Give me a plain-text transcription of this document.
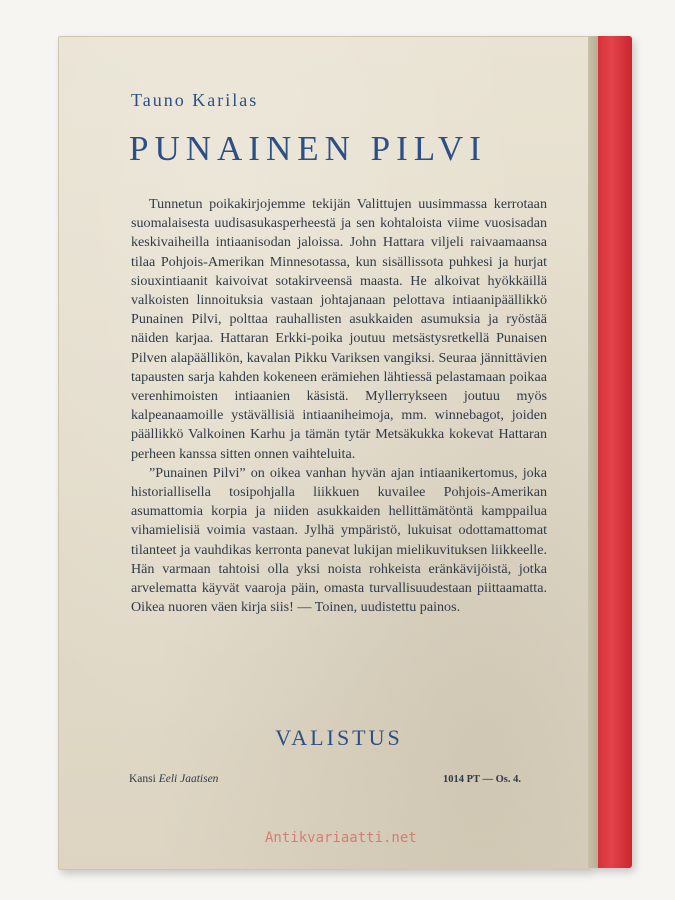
Tauno Karilas
PUNAINEN PILVI

Tunnetun poikakirjojemme tekijän Valittujen uusimmassa kerrotaan suomalaisesta uudisasukasperheestä ja sen kohtaloista viime vuosisadan keskivaiheilla intiaanisodan jaloissa. John Hattara viljeli raivaamaansa tilaa Pohjois-Amerikan Minnesotassa, kun sisällissota puhkesi ja hurjat siouxintiaanit kaivoivat sotakirveensä maasta. He alkoivat hyökkäillä valkoisten linnoituksia vastaan johtajanaan pelottava intiaanipäällikkö Punainen Pilvi, polttaa rauhallisten asukkaiden asumuksia ja ryöstää näiden karjaa. Hattaran Erkki-poika joutuu metsästysretkellä Punaisen Pilven alapäällikön, kavalan Pikku Variksen vangiksi. Seuraa jännittävien tapausten sarja kahden kokeneen erämiehen lähtiessä pelastamaan poikaa verenhimoisten intiaanien käsistä. Myllerrykseen joutuu myös kalpeanaamoille ystävällisiä intiaaniheimoja, mm. winnebagot, joiden päällikkö Valkoinen Karhu ja tämän tytär Metsäkukka kokevat Hattaran perheen kanssa sitten onnen vaihteluita.

”Punainen Pilvi” on oikea vanhan hyvän ajan intiaanikertomus, joka historiallisella tosipohjalla liikkuen kuvailee Pohjois-Amerikan asumattomia korpia ja niiden asukkaiden hellittämätöntä kamppailua vihamielisiä voimia vastaan. Jylhä ympäristö, lukuisat odottamattomat tilanteet ja vauhdikas kerronta panevat lukijan mielikuvituksen liikkeelle. Hän varmaan tahtoisi olla yksi noista rohkeista eränkävijöistä, jotka arvelematta käyvät vaaroja päin, omasta turvallisuudestaan piittaamatta. Oikea nuoren väen kirja siis! — Toinen, uudistettu painos.

VALISTUS
Kansi Eeli Jaatisen	1014 PT — Os. 4.
Antikvariaatti.net
